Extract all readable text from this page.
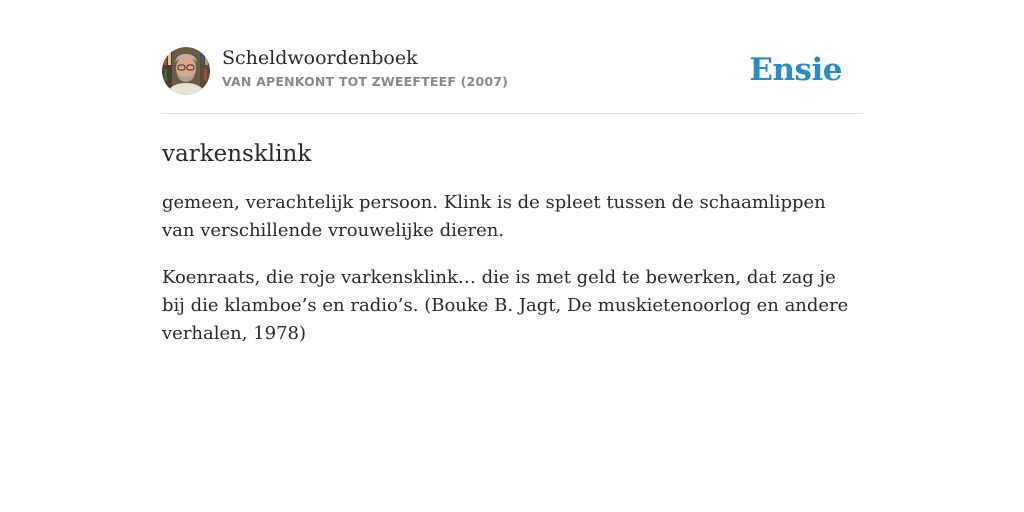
Scheldwoordenboek
VAN APENKONT TOT ZWEEFTEEF (2007)	Ensie
varkensklink

gemeen, verachtelijk persoon. Klink is de spleet tussen de schaamlippen van verschillende vrouwelijke dieren.

Koenraats, die roje varkensklink… die is met geld te bewerken, dat zag je bij die klamboe’s en radio’s. (Bouke B. Jagt, De muskietenoorlog en andere verhalen, 1978)
